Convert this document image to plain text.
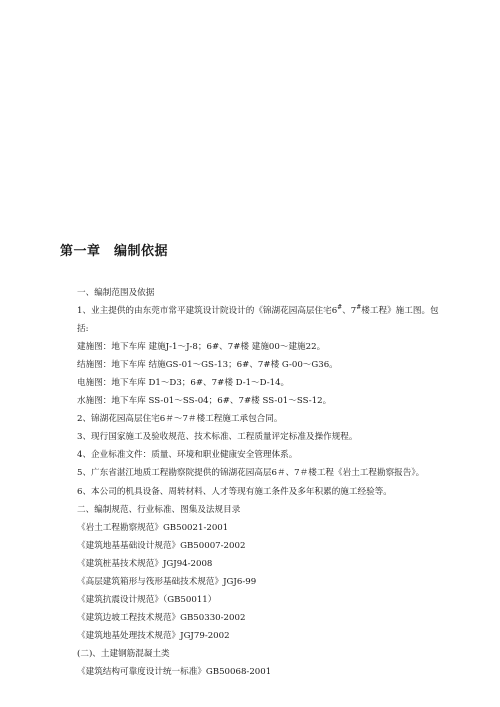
第一章　编制依据
一、编制范围及依据
1、业主提供的由东莞市常平建筑设计院设计的《锦湖花园高层住宅6#、7#楼工程》施工图。包括:
建施图：地下车库 建施J-1～J-8；6#、7#楼 建施00～建施22。
结施图：地下车库 结施GS-01～GS-13；6#、7#楼 G-00～G36。
电施图：地下车库 D1～D3；6#、7#楼 D-1～D-14。
水施图：地下车库 SS-01～SS-04；6#、7#楼 SS-01～SS-12。
2、锦湖花园高层住宅6＃～7＃楼工程施工承包合同。
3、现行国家施工及验收规范、技术标准、工程质量评定标准及操作规程。
4、企业标准文件：质量、环境和职业健康安全管理体系。
5、广东省湛江地质工程勘察院提供的锦湖花园高层6＃、7＃楼工程《岩土工程勘察报告》。
6、本公司的机具设备、周转材料、人才等现有施工条件及多年积累的施工经验等。
二、编制规范、行业标准、图集及法规目录
《岩土工程勘察规范》GB50021-2001
《建筑地基基础设计规范》GB50007-2002
《建筑桩基技术规范》JGJ94-2008
《高层建筑箱形与筏形基础技术规范》JGJ6-99
《建筑抗震设计规范》（GB50011）
《建筑边坡工程技术规范》GB50330-2002
《建筑地基处理技术规范》JGJ79-2002
(二)、土建钢筋混凝土类
《建筑结构可靠度设计统一标准》GB50068-2001
